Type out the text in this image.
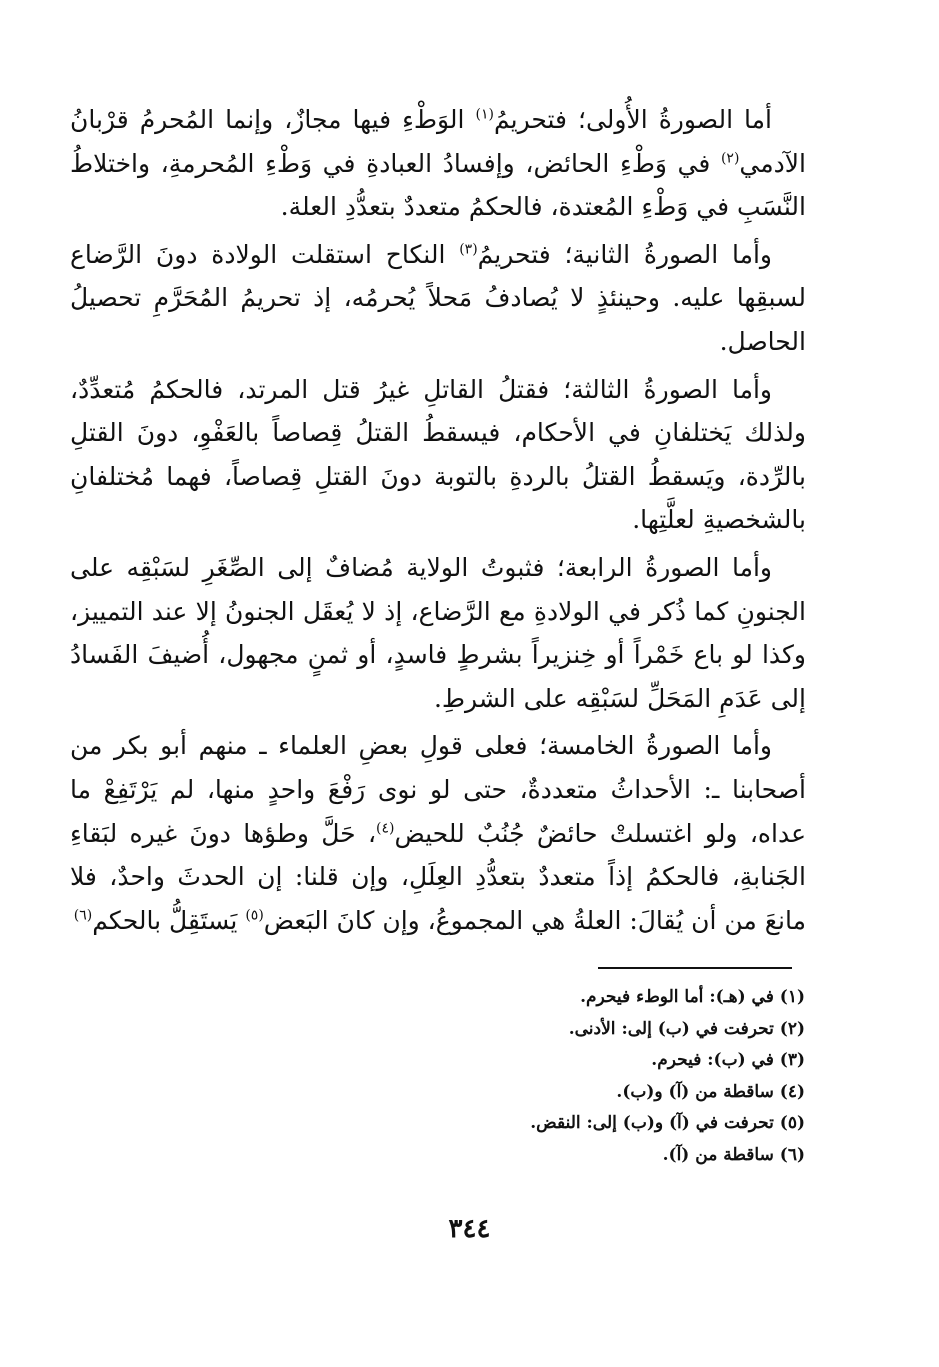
أما الصورةُ الأُولى؛ فتحريمُ$^{(١)}$ الوَطْءِ فيها مجازٌ، وإنما المُحرمُ قرْبانُ الآدمي$^{(٢)}$ في وَطْءِ الحائض، وإفسادُ العبادةِ في وَطْءِ المُحرمةِ، واختلاطُ النَّسَبِ في وَطْءِ المُعتدة، فالحكمُ متعددٌ بتعدُّدِ العلة.

وأما الصورةُ الثانية؛ فتحريمُ$^{(٣)}$ النكاح استقلت الولادة دونَ الرَّضاع لسبقِها عليه. وحينئذٍ لا يُصادفُ مَحلاً يُحرمُه، إذ تحريمُ المُحَرَّمِ تحصيلُ الحاصل.

وأما الصورةُ الثالثة؛ فقتلُ القاتلِ غيرُ قتل المرتد، فالحكمُ مُتعدِّدٌ، ولذلك يَختلفانِ في الأحكام، فيسقطُ القتلُ قِصاصاً بالعَفْوِ، دونَ القتلِ بالرِّدة، ويَسقطُ القتلُ بالردةِ بالتوبة دونَ القتلِ قِصاصاً، فهما مُختلفانِ بالشخصيةِ لعلَّتِها.

وأما الصورةُ الرابعة؛ فثبوتُ الولاية مُضافٌ إلى الصِّغَرِ لسَبْقِه على الجنونِ كما ذُكر في الولادةِ مع الرَّضاع، إذ لا يُعقَل الجنونُ إلا عند التمييز، وكذا لو باع خَمْراً أو خِنزيراً بشرطٍ فاسدٍ، أو ثمنٍ مجهول، أُضيفَ الفَسادُ إلى عَدَمِ المَحَلِّ لسَبْقِه على الشرطِ.

وأما الصورةُ الخامسة؛ فعلى قولِ بعضِ العلماء ـ منهم أبو بكر من أصحابنا ـ: الأحداثُ متعددةٌ، حتى لو نوى رَفْعَ واحدٍ منها، لم يَرْتَفِعْ ما عداه، ولو اغتسلتْ حائضٌ جُنُبٌ للحيض$^{(٤)}$، حَلَّ وطؤها دونَ غيره لبَقاءِ الجَنابةِ، فالحكمُ إذاً متعددٌ بتعدُّدِ العِلَلِ، وإن قلنا: إن الحدثَ واحدٌ، فلا مانعَ من أن يُقالَ: العلةُ هي المجموعُ، وإن كانَ البَعض$^{(٥)}$ يَستَقِلُّ بالحكم$^{(٦)}$

(١) في (هـ): أما الوطء فيحرم.
(٢) تحرفت في (ب) إلى: الأدنى.
(٣) في (ب): فيحرم.
(٤) ساقطة من (آ) و(ب).
(٥) تحرفت في (آ) و(ب) إلى: النقض.
(٦) ساقطة من (آ).
٣٤٤
